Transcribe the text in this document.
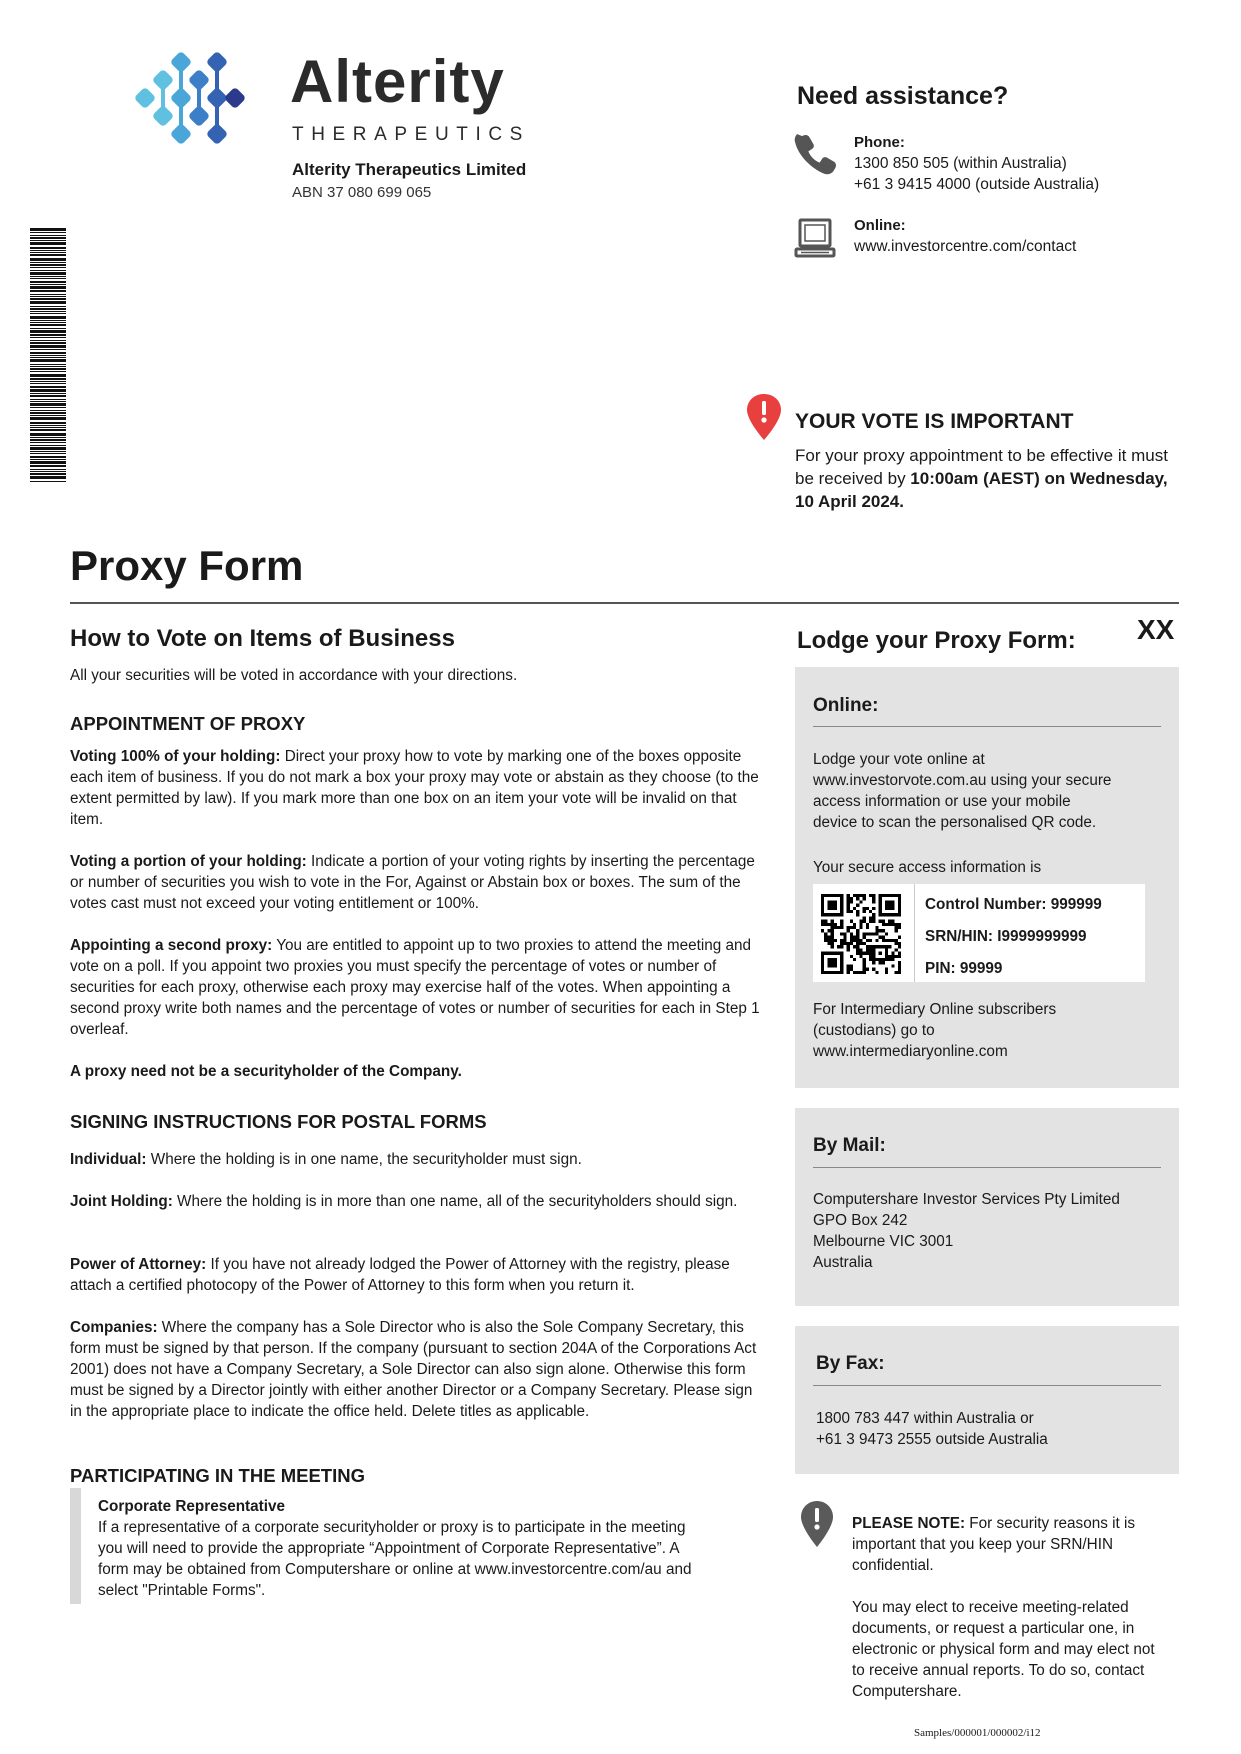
Alterity
THERAPEUTICS
Alterity Therapeutics Limited
ABN 37 080 699 065
Need assistance?
Phone:
1300 850 505 (within Australia)
+61 3 9415 4000 (outside Australia)
Online:
www.investorcentre.com/contact
YOUR VOTE IS IMPORTANT
For your proxy appointment to be effective it must be received by 10:00am (AEST) on Wednesday, 10 April 2024.
Proxy Form
How to Vote on Items of Business
All your securities will be voted in accordance with your directions.
APPOINTMENT OF PROXY
Voting 100% of your holding: Direct your proxy how to vote by marking one of the boxes opposite each item of business. If you do not mark a box your proxy may vote or abstain as they choose (to the extent permitted by law). If you mark more than one box on an item your vote will be invalid on that item.
Voting a portion of your holding: Indicate a portion of your voting rights by inserting the percentage or number of securities you wish to vote in the For, Against or Abstain box or boxes. The sum of the votes cast must not exceed your voting entitlement or 100%.
Appointing a second proxy: You are entitled to appoint up to two proxies to attend the meeting and vote on a poll. If you appoint two proxies you must specify the percentage of votes or number of securities for each proxy, otherwise each proxy may exercise half of the votes. When appointing a second proxy write both names and the percentage of votes or number of securities for each in Step 1 overleaf.
A proxy need not be a securityholder of the Company.
SIGNING INSTRUCTIONS FOR POSTAL FORMS
Individual: Where the holding is in one name, the securityholder must sign.
Joint Holding: Where the holding is in more than one name, all of the securityholders should sign.
Power of Attorney: If you have not already lodged the Power of Attorney with the registry, please attach a certified photocopy of the Power of Attorney to this form when you return it.
Companies: Where the company has a Sole Director who is also the Sole Company Secretary, this form must be signed by that person. If the company (pursuant to section 204A of the Corporations Act 2001) does not have a Company Secretary, a Sole Director can also sign alone. Otherwise this form must be signed by a Director jointly with either another Director or a Company Secretary. Please sign in the appropriate place to indicate the office held. Delete titles as applicable.
PARTICIPATING IN THE MEETING
Corporate Representative
If a representative of a corporate securityholder or proxy is to participate in the meeting you will need to provide the appropriate “Appointment of Corporate Representative”. A form may be obtained from Computershare or online at www.investorcentre.com/au and select "Printable Forms".
Lodge your Proxy Form: XX
Online:
Lodge your vote online at www.investorvote.com.au using your secure access information or use your mobile device to scan the personalised QR code.
Your secure access information is
For Intermediary Online subscribers (custodians) go to www.intermediaryonline.com
Control Number: 999999
SRN/HIN: I9999999999
PIN: 99999
By Mail:
Computershare Investor Services Pty Limited
GPO Box 242
Melbourne VIC 3001
Australia
By Fax:
1800 783 447 within Australia or
+61 3 9473 2555 outside Australia
PLEASE NOTE: For security reasons it is important that you keep your SRN/HIN confidential.
You may elect to receive meeting-related documents, or request a particular one, in electronic or physical form and may elect not to receive annual reports. To do so, contact Computershare.
Samples/000001/000002/i12
